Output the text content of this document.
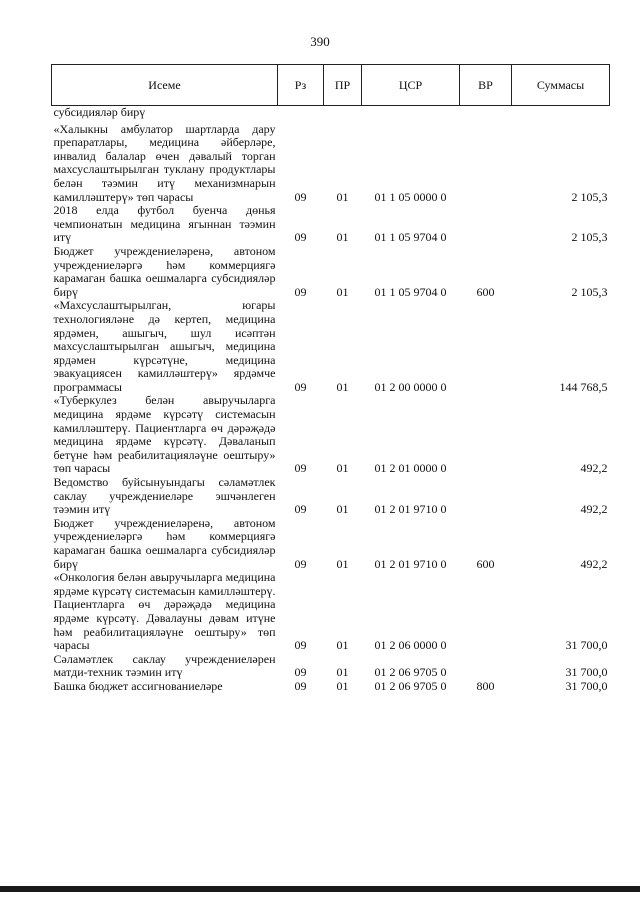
390
Исеме	Рз	ПР	ЦСР	ВР	Суммасы
субсидияләр бирү					
«Халыкны амбулатор шартларда дару препаратлары, медицина әйберләре, инвалид балалар өчен дәвалый торган махсуслаштырылган туклану продуктлары белән тәэмин итү механизмнарын камилләштерү» төп чарасы	09	01	01 1 05 0000 0		2 105,3
2018 елда футбол буенча дөнья чемпионатын медицина ягыннан тәэмин итү	09	01	01 1 05 9704 0		2 105,3
Бюджет учреждениеләренә, автоном учреждениеләргә һәм коммерциягә карамаган башка оешмаларга субсидияләр бирү	09	01	01 1 05 9704 0	600	2 105,3
«Махсуслаштырылган, югары технологияләне дә кертеп, медицина ярдәмен, ашыгыч, шул исәптән махсуслаштырылган ашыгыч, медицина ярдәмен күрсәтүне, медицина эвакуациясен камилләштерү» ярдәмче программасы	09	01	01 2 00 0000 0		144 768,5
«Туберкулез белән авыручыларга медицина ярдәме күрсәтү системасын камилләштерү. Пациентларга өч дәрәҗәдә медицина ярдәме күрсәтү. Дәваланып бетүне һәм реабилитацияләүне оештыру» төп чарасы	09	01	01 2 01 0000 0		492,2
Ведомство буйсынуындагы сәламәтлек саклау учреждениеләре эшчәнлеген тәэмин итү	09	01	01 2 01 9710 0		492,2
Бюджет учреждениеләренә, автоном учреждениеләргә һәм коммерциягә карамаган башка оешмаларга субсидияләр бирү	09	01	01 2 01 9710 0	600	492,2
«Онкология белән авыручыларга медицина ярдәме күрсәтү системасын камилләштерү. Пациентларга өч дәрәҗәдә медицина ярдәме күрсәтү. Дәвалауны дәвам итүне һәм реабилитацияләүне оештыру» төп чарасы	09	01	01 2 06 0000 0		31 700,0
Сәламәтлек саклау учреждениеләрен матди-техник тәэмин итү	09	01	01 2 06 9705 0		31 700,0
Башка бюджет ассигнованиеләре	09	01	01 2 06 9705 0	800	31 700,0
